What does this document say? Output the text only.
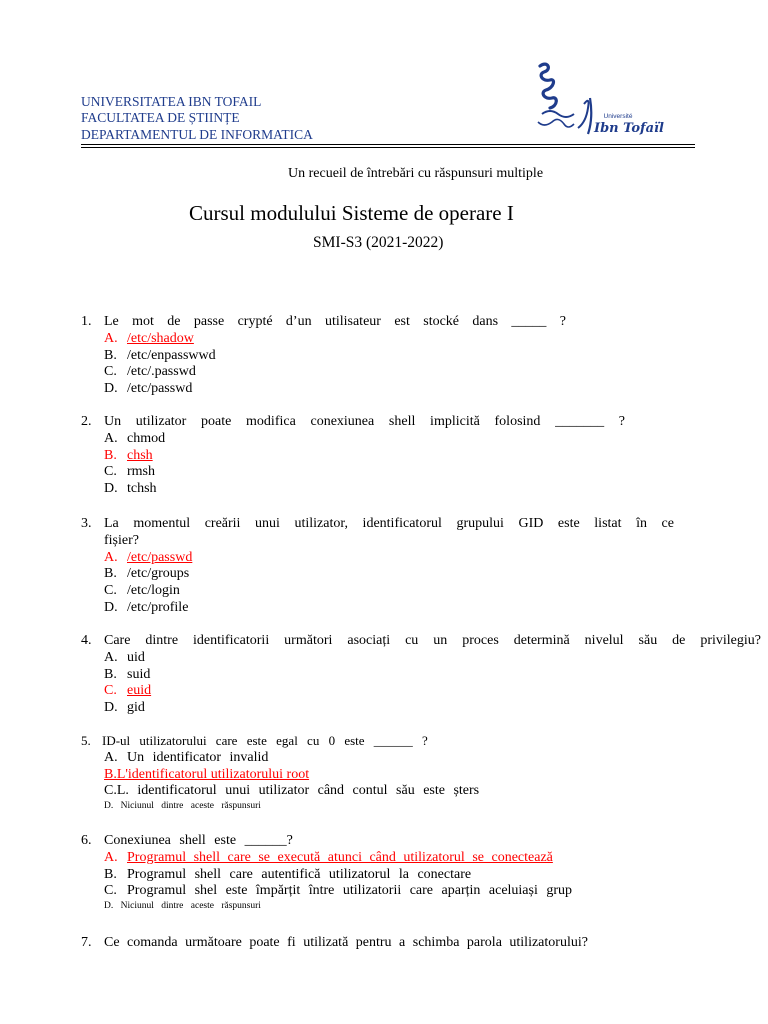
UNIVERSITATEA IBN TOFAIL
FACULTATEA DE ȘTIINȚE
DEPARTAMENTUL DE INFORMATICA
Université
Ibn Tofaïl
Un recueil de întrebări cu răspunsuri multiple
Cursul modulului Sisteme de operare I
SMI-S3 (2021-2022)
1. Le mot de passe crypté d’un utilisateur est stocké dans _____ ?
A. /etc/shadow
B. /etc/enpasswwd
C. /etc/.passwd
D. /etc/passwd
2. Un utilizator poate modifica conexiunea shell implicită folosind _______ ?
A. chmod
B. chsh
C. rmsh
D. tchsh
3. La momentul creării unui utilizator, identificatorul grupului GID este listat în ce
fișier?
A. /etc/passwd
B. /etc/groups
C. /etc/login
D. /etc/profile
4. Care dintre identificatorii următori asociați cu un proces determină nivelul său de privilegiu?
A. uid
B. suid
C. euid
D. gid
5. ID-ul utilizatorului care este egal cu 0 este ______ ?
A. Un identificator invalid
B.L'identificatorul utilizatorului root
C.L. identificatorul unui utilizator când contul său este șters
D. Niciunul dintre aceste răspunsuri
6. Conexiunea shell este ______?
A. Programul shell care se execută atunci când utilizatorul se conectează
B. Programul shell care autentifică utilizatorul la conectare
C. Programul shel este împărțit între utilizatorii care aparțin aceluiași grup
D. Niciunul dintre aceste răspunsuri
7. Ce comanda următoare poate fi utilizată pentru a schimba parola utilizatorului?
